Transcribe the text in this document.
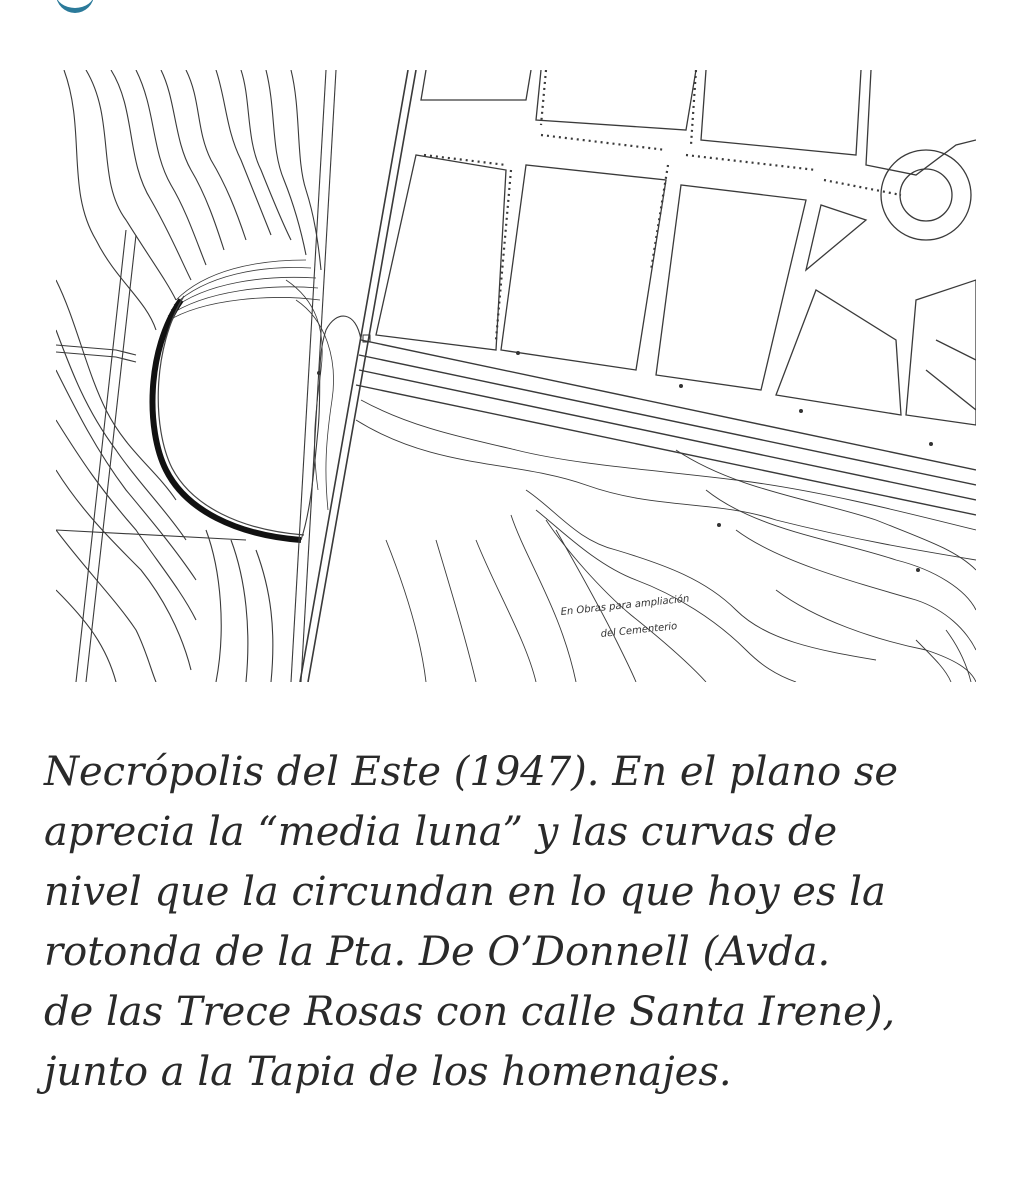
En Obras para ampliación
del Cementerio

Necrópolis del Este (1947). En el plano se
aprecia la “media luna” y las curvas de
nivel que la circundan en lo que hoy es la
rotonda de la Pta. De O’Donnell (Avda.
de las Trece Rosas con calle Santa Irene),
junto a la Tapia de los homenajes.
